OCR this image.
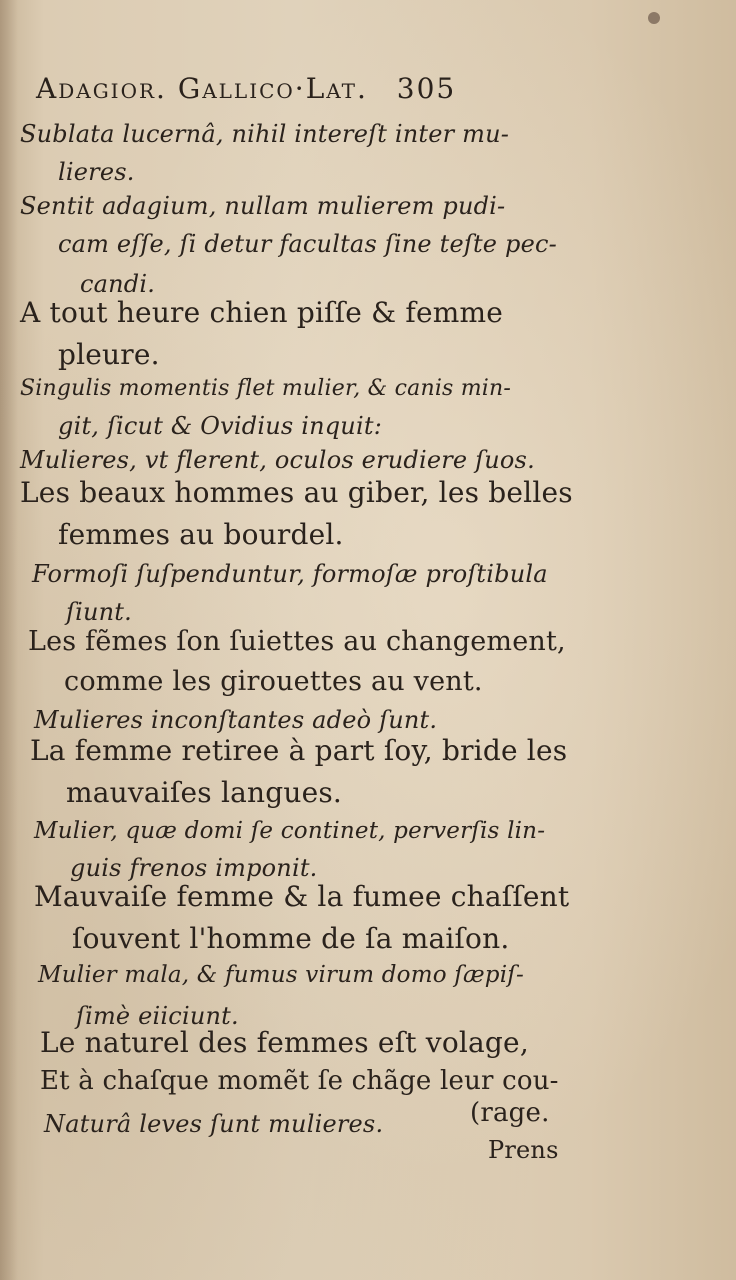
Adagior. Gallico·Lat. 305
Sublata lucernâ, nihil intereſt inter mu-
lieres.
Sentit adagium, nullam mulierem pudi-
cam eſſe, ſi detur facultas ſine teſte pec-
candi.
A tout heure chien piſſe & femme
pleure.
Singulis momentis flet mulier, & canis min-
git, ſicut & Ovidius inquit:
Mulieres, vt flerent, oculos erudiere ſuos.
Les beaux hommes au giber, les belles
femmes au bourdel.
Formoſi ſuſpenduntur, formoſæ proſtibula
ſiunt.
Les fẽmes ſon ſuiettes au changement,
comme les girouettes au vent.
Mulieres inconſtantes adeò ſunt.
La femme retiree à part ſoy, bride les
mauvaiſes langues.
Mulier, quæ domi ſe continet, perverſis lin-
guis frenos imponit.
Mauvaiſe femme & la fumee chaſſent
ſouvent l'homme de ſa maiſon.
Mulier mala, & fumus virum domo ſæpiſ-
ſimè eiiciunt.
Le naturel des femmes eſt volage,
Et à chaſque momẽt ſe chãge leur cou-
Naturâ leves ſunt mulieres.	(rage.
Prens
